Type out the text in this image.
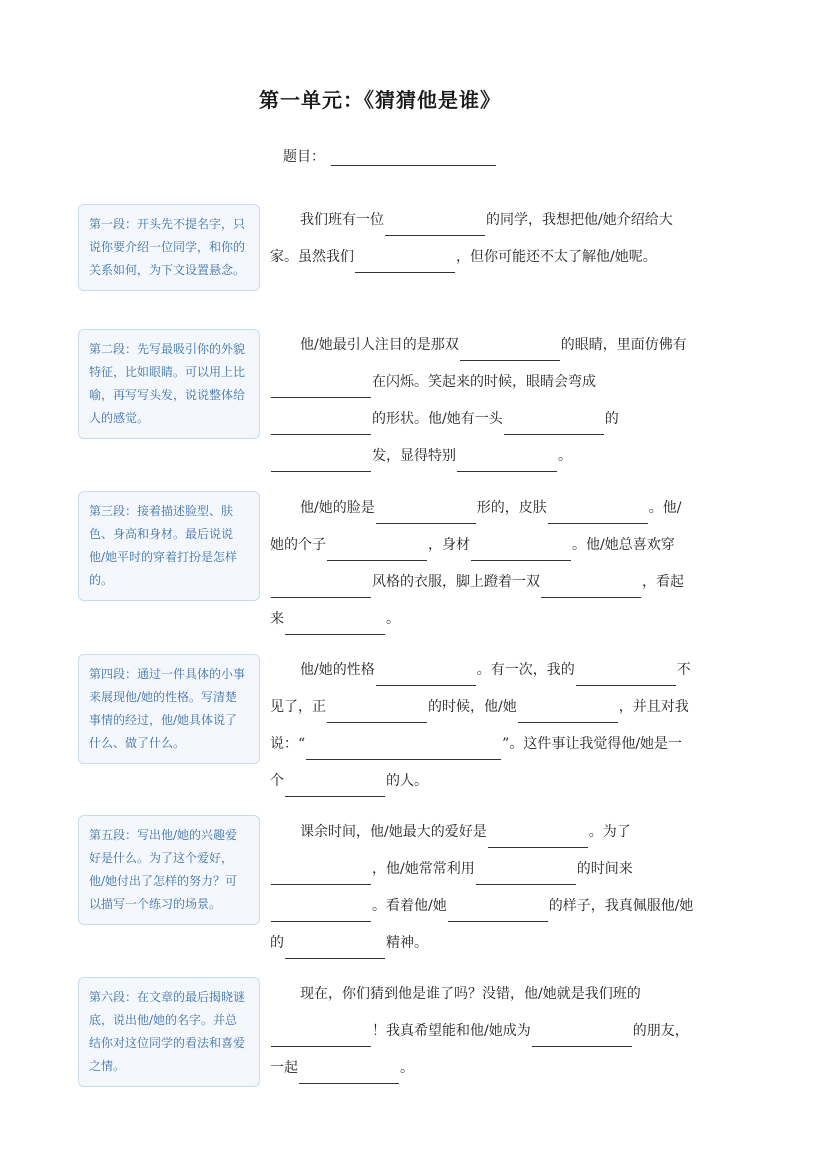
第一单元：《猜猜他是谁》
题目：
第一段：开头先不提名字，只说你要介绍一位同学，和你的关系如何，为下文设置悬念。
第二段：先写最吸引你的外貌特征，比如眼睛。可以用上比喻，再写写头发，说说整体给人的感觉。
第三段：接着描述脸型、肤色、身高和身材。最后说说他/她平时的穿着打扮是怎样的。
第四段：通过一件具体的小事来展现他/她的性格。写清楚事情的经过，他/她具体说了什么、做了什么。
第五段：写出他/她的兴趣爱好是什么。为了这个爱好，他/她付出了怎样的努力？可以描写一个练习的场景。
第六段：在文章的最后揭晓谜底，说出他/她的名字。并总结你对这位同学的看法和喜爱之情。
我们班有一位	的同学，我想把他/她介绍给大家。虽然我们	，但你可能还不太了解他/她呢。
他/她最引人注目的是那双	的眼睛，里面仿佛有在闪烁。笑起来的时候，眼睛会弯成的形状。他/她有一头	的发，显得特别	。
他/她的脸是	形的，皮肤	。他/她的个子	，身材	。他/她总喜欢穿风格的衣服，脚上蹬着一双	，看起来	。
他/她的性格	。有一次，我的	不见了，正	的时候，他/她	，并且对我说：“	”。这件事让我觉得他/她是一个	的人。
课余时间，他/她最大的爱好是	。为了，他/她常常利用	的时间来。看着他/她	的样子，我真佩服他/她的	精神。
现在，你们猜到他是谁了吗？没错，他/她就是我们班的！我真希望能和他/她成为	的朋友，一起	。
